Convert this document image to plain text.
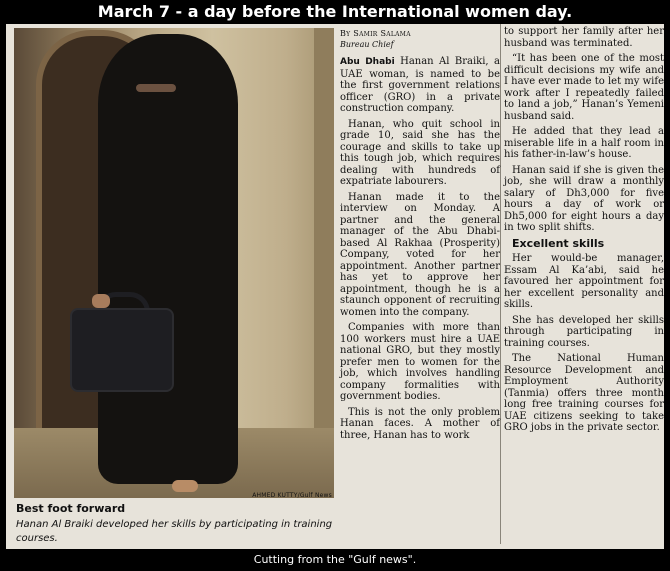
March 7 - a day before the International women day.
AHMED KUTTY/Gulf News
Best foot forward
Hanan Al Braiki developed her skills by participating in training courses.
By Samir Salama
Bureau Chief

Abu Dhabi Hanan Al Braiki, a UAE woman, is named to be the first government relations officer (GRO) in a private construction company.

Hanan, who quit school in grade 10, said she has the courage and skills to take up this tough job, which requires dealing with hundreds of expatriate labourers.

Hanan made it to the interview on Monday. A partner and the general manager of the Abu Dhabi-based Al Rakhaa (Prosperity) Company, voted for her appointment. Another partner has yet to approve her appointment, though he is a staunch opponent of recruiting women into the company.

Companies with more than 100 workers must hire a UAE national GRO, but they mostly prefer men to women for the job, which involves handling company formalities with government bodies.

This is not the only problem Hanan faces. A mother of three, Hanan has to work

to support her family after her husband was terminated.

“It has been one of the most difficult decisions my wife and I have ever made to let my wife work after I repeatedly failed to land a job,” Hanan’s Yemeni husband said.

He added that they lead a miserable life in a half room in his father-in-law’s house.

Hanan said if she is given the job, she will draw a monthly salary of Dh3,000 for five hours a day of work or Dh5,000 for eight hours a day in two split shifts.

Excellent skills

Her would-be manager, Essam Al Ka’abi, said he favoured her appointment for her excellent personality and skills.

She has developed her skills through participating in training courses.

The National Human Resource Development and Employment Authority (Tanmia) offers three month long free training courses for UAE citizens seeking to take GRO jobs in the private sector.

Cutting from the "Gulf news".
